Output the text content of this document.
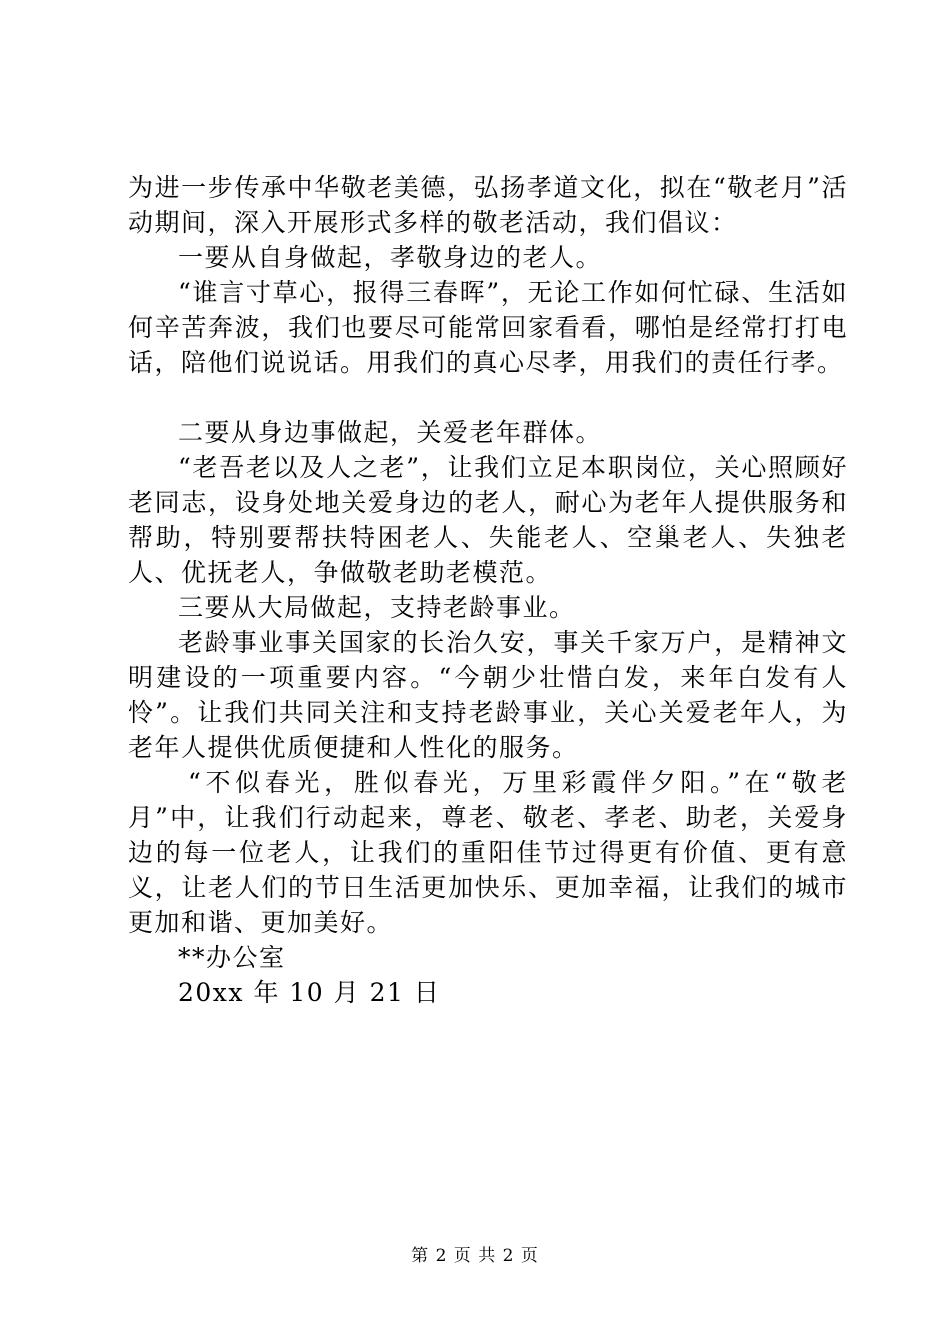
为进一步传承中华敬老美德，弘扬孝道文化，拟在“敬老月”活动期间，深入开展形式多样的敬老活动，我们倡议：

一要从自身做起，孝敬身边的老人。

“谁言寸草心，报得三春晖”，无论工作如何忙碌、生活如何辛苦奔波，我们也要尽可能常回家看看，哪怕是经常打打电话，陪他们说说话。用我们的真心尽孝，用我们的责任行孝。

二要从身边事做起，关爱老年群体。

“老吾老以及人之老”，让我们立足本职岗位，关心照顾好老同志，设身处地关爱身边的老人，耐心为老年人提供服务和帮助，特别要帮扶特困老人、失能老人、空巢老人、失独老人、优抚老人，争做敬老助老模范。

三要从大局做起，支持老龄事业。

老龄事业事关国家的长治久安，事关千家万户，是精神文明建设的一项重要内容。“今朝少壮惜白发，来年白发有人怜”。让我们共同关注和支持老龄事业，关心关爱老年人，为老年人提供优质便捷和人性化的服务。

“不似春光，胜似春光，万里彩霞伴夕阳。”在“敬老月”中，让我们行动起来，尊老、敬老、孝老、助老，关爱身边的每一位老人，让我们的重阳佳节过得更有价值、更有意义，让老人们的节日生活更加快乐、更加幸福，让我们的城市更加和谐、更加美好。

**办公室

20xx 年 10 月 21 日

第 2 页 共 2 页
